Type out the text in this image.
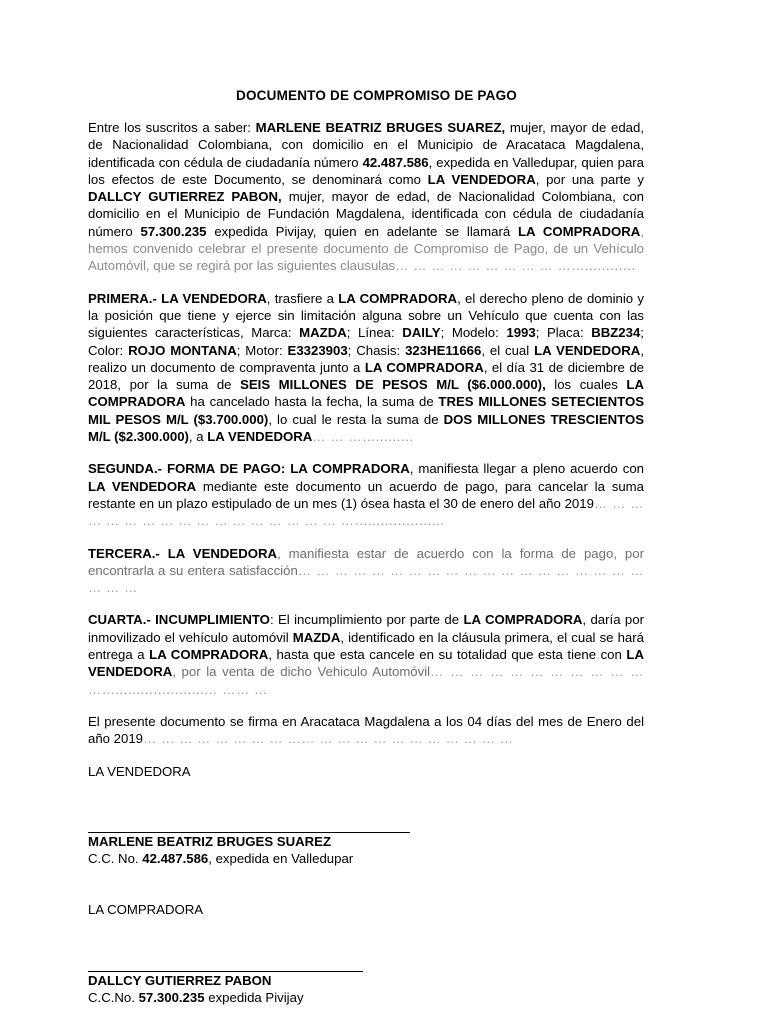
DOCUMENTO DE COMPROMISO DE PAGO

Entre los suscritos a saber: MARLENE BEATRIZ BRUGES SUAREZ, mujer, mayor de edad, de Nacionalidad Colombiana, con domicilio en el Municipio de Aracataca Magdalena, identificada con cédula de ciudadanía número 42.487.586, expedida en Valledupar, quien para los efectos de este Documento, se denominará como LA VENDEDORA, por una parte y DALLCY GUTIERREZ PABON, mujer, mayor de edad, de Nacionalidad Colombiana, con domicilio en el Municipio de Fundación Magdalena, identificada con cédula de ciudadanía número 57.300.235 expedida Pivijay, quien en adelante se llamará LA COMPRADORA, hemos convenido celebrar el presente documento de Compromiso de Pago, de un Vehículo Automóvil, que se regirá por las siguientes clausulas… … … … … … … … … ………………

PRIMERA.- LA VENDEDORA, trasfiere a LA COMPRADORA, el derecho pleno de dominio y la posición que tiene y ejerce sin limitación alguna sobre un Vehículo que cuenta con las siguientes características, Marca: MAZDA; Línea: DAILY; Modelo: 1993; Placa: BBZ234; Color: ROJO MONTANA; Motor: E3323903; Chasis: 323HE11666, el cual LA VENDEDORA, realizo un documento de compraventa junto a LA COMPRADORA, el día 31 de diciembre de 2018, por la suma de SEIS MILLONES DE PESOS M/L ($6.000.000), los cuales LA COMPRADORA ha cancelado hasta la fecha, la suma de TRES MILLONES SETECIENTOS MIL PESOS M/L ($3.700.000), lo cual le resta la suma de DOS MILLONES TRESCIENTOS M/L ($2.300.000), a LA VENDEDORA… … ……………

SEGUNDA.- FORMA DE PAGO: LA COMPRADORA, manifiesta llegar a pleno acuerdo con LA VENDEDORA mediante este documento un acuerdo de pago, para cancelar la suma restante en un plazo estipulado de un mes (1) ósea hasta el 30 de enero del año 2019… … … … … … … … … … … … … … … … … ……………………

TERCERA.- LA VENDEDORA, manifiesta estar de acuerdo con la forma de pago, por encontrarla a su entera satisfacción… … … … … … … … … … … … … … … … … … … … … …

CUARTA.- INCUMPLIMIENTO: El incumplimiento por parte de LA COMPRADORA, daría por inmovilizado el vehículo automóvil MAZDA, identificado en la cláusula primera, el cual se hará entrega a LA COMPRADORA, hasta que esta cancele en su totalidad que esta tiene con LA VENDEDORA, por la venta de dicho Vehiculo Automóvil… … … … … … … … … … … ………………………… …… …

El presente documento se firma en Aracataca Magdalena a los 04 días del mes de Enero del año 2019… … … … … … … … …… … … … … … … … … … … …

LA VENDEDORA

MARLENE BEATRIZ BRUGES SUAREZ

C.C. No. 42.487.586, expedida en Valledupar

LA COMPRADORA

DALLCY GUTIERREZ PABON

C.C.No. 57.300.235 expedida Pivijay
